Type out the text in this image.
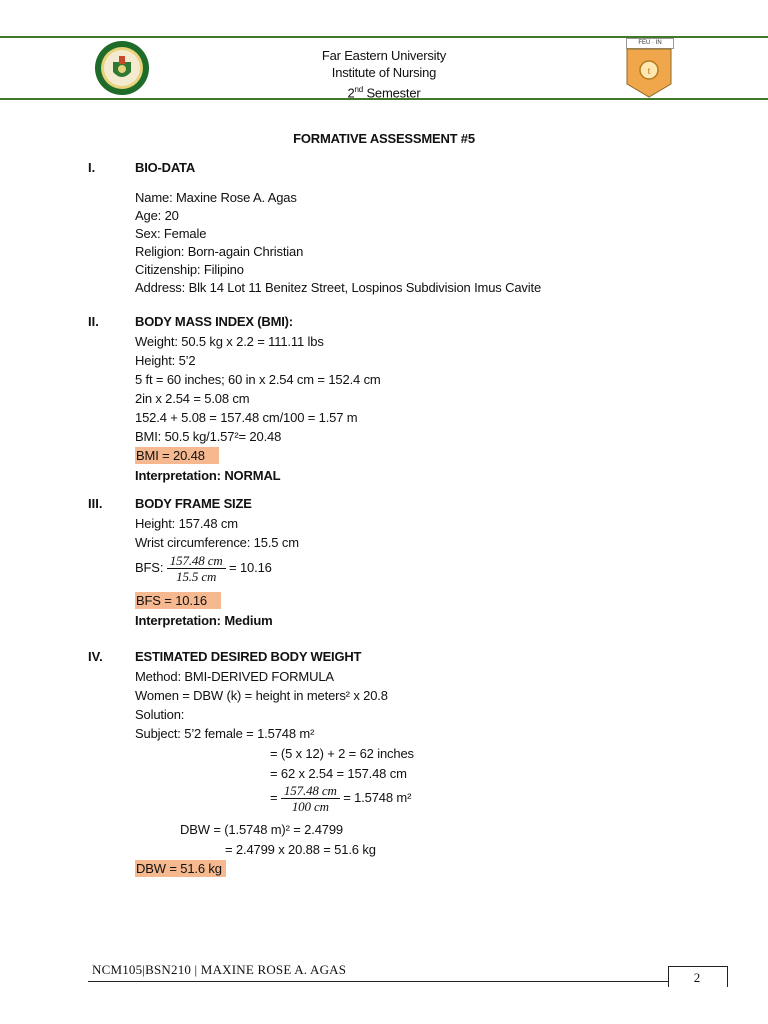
Far Eastern University
Institute of Nursing
2nd Semester
FEU · IN
t
FORMATIVE ASSESSMENT #5
I.	BIO-DATA
Name: Maxine Rose A. Agas
Age: 20
Sex: Female
Religion: Born-again Christian
Citizenship: Filipino
Address: Blk 14 Lot 11 Benitez Street, Lospinos Subdivision Imus Cavite
II.	BODY MASS INDEX (BMI):
Weight: 50.5 kg x 2.2 = 111.11 lbs
Height: 5’2
5 ft = 60 inches; 60 in x 2.54 cm = 152.4 cm
2in x 2.54 = 5.08 cm
152.4 + 5.08 = 157.48 cm/100 = 1.57 m
BMI: 50.5 kg/1.57²= 20.48
BMI = 20.48
Interpretation: NORMAL
III.	BODY FRAME SIZE
Height: 157.48 cm
Wrist circumference: 15.5 cm
BFS: $\frac{157.48 cm}{15.5 cm} = 10.16$
BFS = 10.16
Interpretation: Medium
IV. ESTIMATED DESIRED BODY WEIGHT
Method: BMI-DERIVED FORMULA
Women = DBW (k) = height in meters² x 20.8
Solution:
Subject: 5’2 female = 1.5748 m²
= (5 x 12) + 2 = 62 inches
= 62 x 2.54 = 157.48 cm
= $\frac{157.48 cm}{100 cm} = 1.5748$ m²
DBW = (1.5748 m)² = 2.4799
= 2.4799 x 20.88 = 51.6 kg
DBW = 51.6 kg
NCM105|BSN210 | MAXINE ROSE A. AGAS
2
